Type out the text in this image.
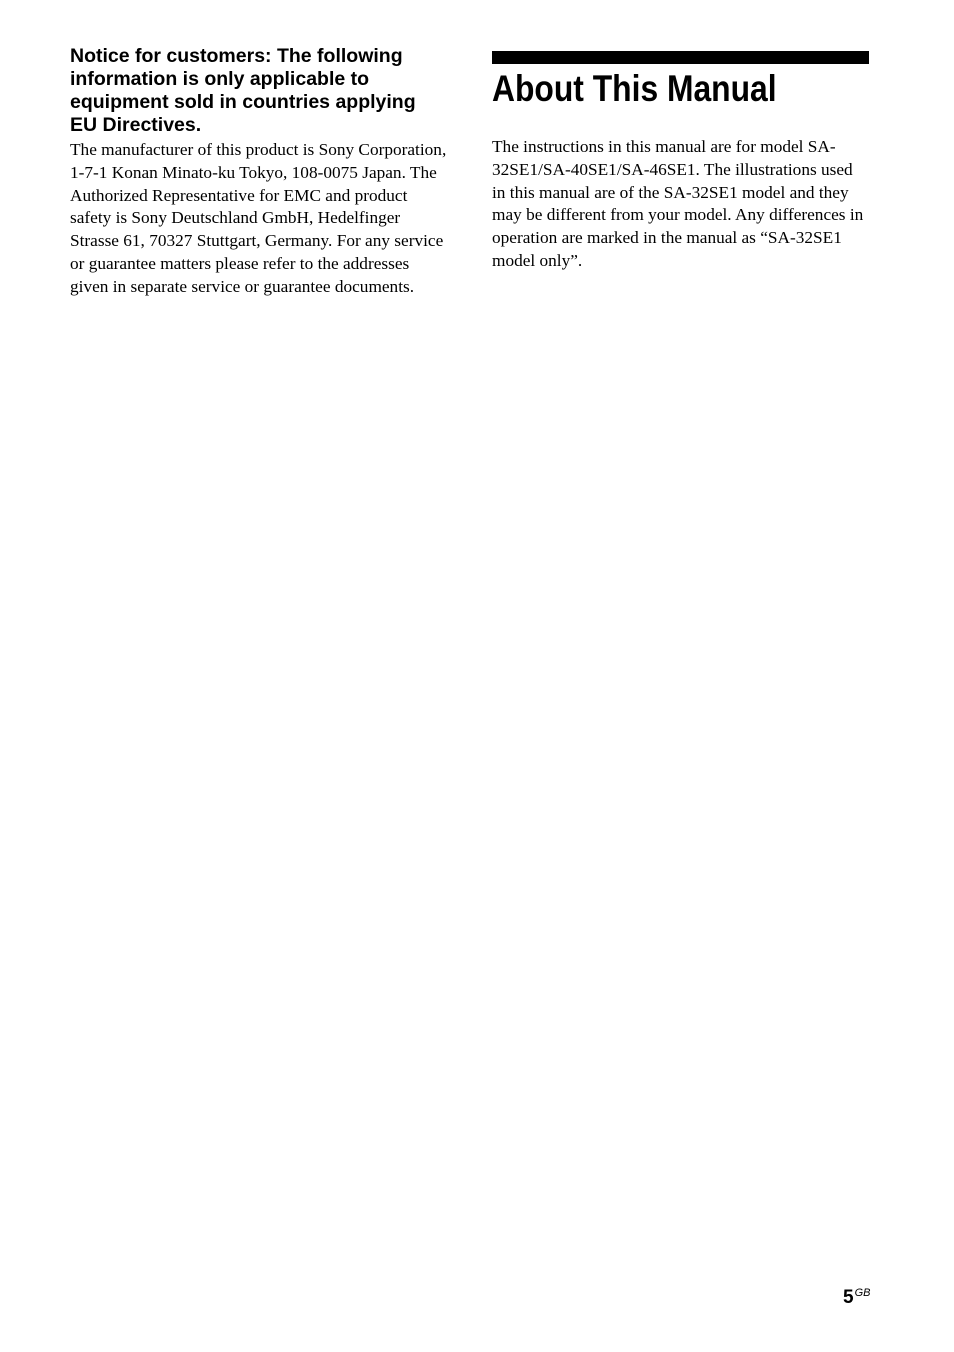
Notice for customers: The following information is only applicable to equipment sold in countries applying EU Directives.

The manufacturer of this product is Sony Corporation, 1-7-1 Konan Minato-ku Tokyo, 108-0075 Japan. The Authorized Representative for EMC and product safety is Sony Deutschland GmbH, Hedelfinger Strasse 61, 70327 Stuttgart, Germany. For any service or guarantee matters please refer to the addresses given in separate service or guarantee documents.

About This Manual

The instructions in this manual are for model SA-32SE1/SA-40SE1/SA-46SE1. The illustrations used in this manual are of the SA-32SE1 model and they may be different from your model. Any differences in operation are marked in the manual as “SA-32SE1 model only”.

$5^{GB}$
